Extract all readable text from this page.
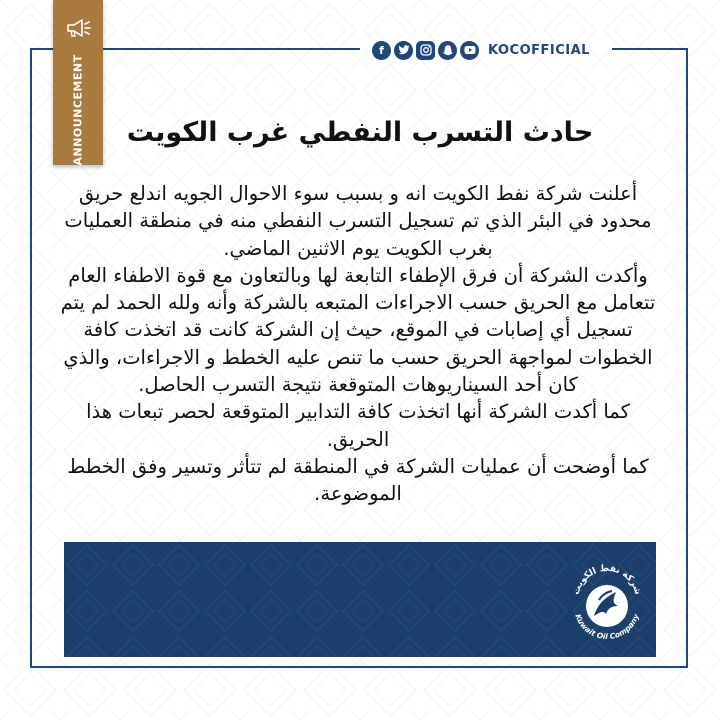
ANNOUNCEMENT
f	KOCOFFICIAL
حادث التسرب النفطي غرب الكويت

أعلنت شركة نفط الكويت انه و بسبب سوء الاحوال الجويه اندلع حريق محدود في البئر الذي تم تسجيل التسرب النفطي منه في منطقة العمليات بغرب الكويت يوم الاثنين الماضي.

وأكدت الشركة أن فرق الإطفاء التابعة لها وبالتعاون مع قوة الاطفاء العام تتعامل مع الحريق حسب الاجراءات المتبعه بالشركة وأنه ولله الحمد لم يتم تسجيل أي إصابات في الموقع، حيث إن الشركة كانت قد اتخذت كافة الخطوات لمواجهة الحريق حسب ما تنص عليه الخطط و الاجراءات، والذي كان أحد السيناريوهات المتوقعة نتيجة التسرب الحاصل.

كما أكدت الشركة أنها اتخذت كافة التدابير المتوقعة لحصر تبعات هذا الحريق.

كما أوضحت أن عمليات الشركة في المنطقة لم تتأثر وتسير وفق الخطط الموضوعة.

شركة نفط الكويت
Kuwait Oil Company
